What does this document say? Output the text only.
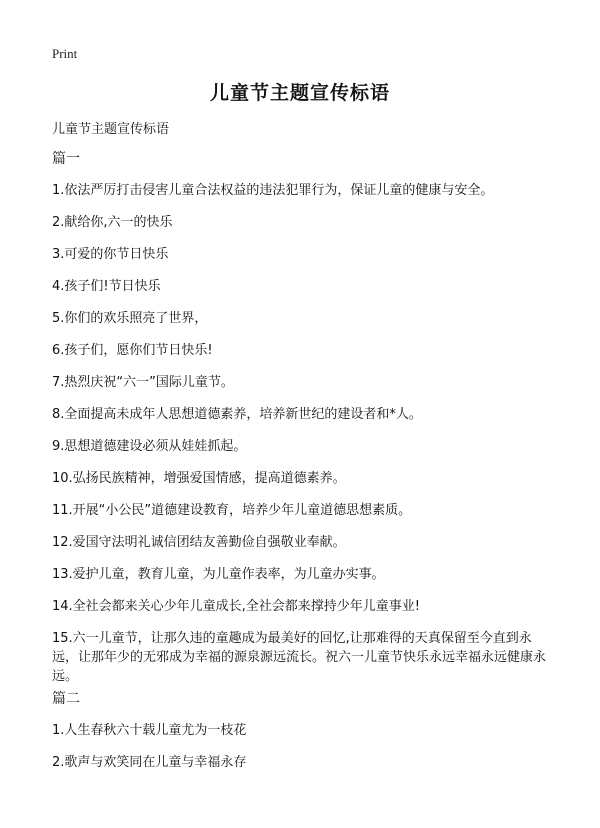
Print
儿童节主题宣传标语
儿童节主题宣传标语
篇一
1.依法严厉打击侵害儿童合法权益的违法犯罪行为，保证儿童的健康与安全。
2.献给你,六一的快乐
3.可爱的你节日快乐
4.孩子们!节日快乐
5.你们的欢乐照亮了世界，
6.孩子们，愿你们节日快乐!
7.热烈庆祝“六一”国际儿童节。
8.全面提高未成年人思想道德素养，培养新世纪的建设者和*人。
9.思想道德建设必须从娃娃抓起。
10.弘扬民族精神，增强爱国情感，提高道德素养。
11.开展“小公民”道德建设教育，培养少年儿童道德思想素质。
12.爱国守法明礼诚信团结友善勤俭自强敬业奉献。
13.爱护儿童，教育儿童，为儿童作表率，为儿童办实事。
14.全社会都来关心少年儿童成长,全社会都来撑持少年儿童事业!
15.六一儿童节，让那久违的童趣成为最美好的回忆,让那难得的天真保留至今直到永远，让那年少的无邪成为幸福的源泉源远流长。祝六一儿童节快乐永远幸福永远健康永远。
篇二
1.人生春秋六十载儿童尤为一枝花
2.歌声与欢笑同在儿童与幸福永存
